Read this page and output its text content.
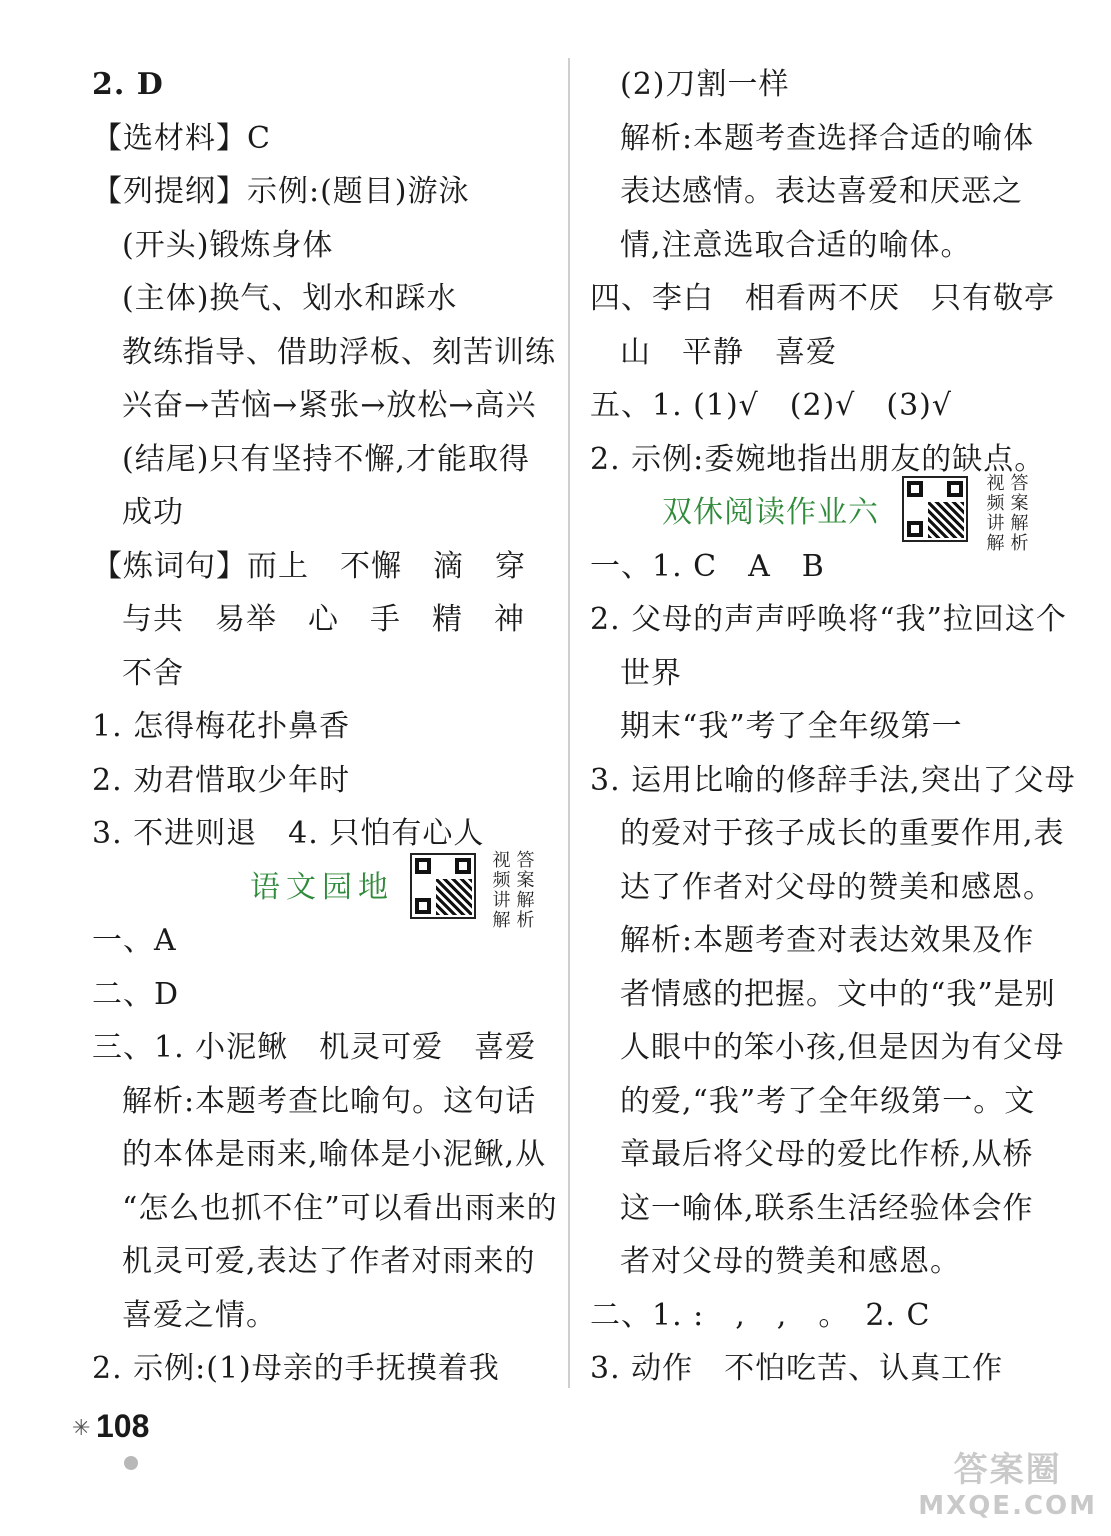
2. D
【选材料】C
【列提纲】示例:(题目)游泳
(开头)锻炼身体
(主体)换气、划水和踩水
教练指导、借助浮板、刻苦训练
兴奋→苦恼→紧张→放松→高兴
(结尾)只有坚持不懈,才能取得
成功
【炼词句】而上　不懈　滴　穿
与共　易举　心　手　精　神
不舍
1. 怎得梅花扑鼻香
2. 劝君惜取少年时
3. 不进则退　4. 只怕有心人
语文园地
视 答
频 案
讲 解
解 析
一、A
二、D
三、1. 小泥鳅　机灵可爱　喜爱
解析:本题考查比喻句。这句话
的本体是雨来,喻体是小泥鳅,从
“怎么也抓不住”可以看出雨来的
机灵可爱,表达了作者对雨来的
喜爱之情。
2. 示例:(1)母亲的手抚摸着我
(2)刀割一样
解析:本题考查选择合适的喻体
表达感情。表达喜爱和厌恶之
情,注意选取合适的喻体。
四、李白　相看两不厌　只有敬亭
山　平静　喜爱
五、1. (1)√　(2)√　(3)√
2. 示例:委婉地指出朋友的缺点。
双休阅读作业六
视 答
频 案
讲 解
解 析
一、1. C　A　B
2. 父母的声声呼唤将“我”拉回这个
世界
期末“我”考了全年级第一
3. 运用比喻的修辞手法,突出了父母
的爱对于孩子成长的重要作用,表
达了作者对父母的赞美和感恩。
解析:本题考查对表达效果及作
者情感的把握。文中的“我”是别
人眼中的笨小孩,但是因为有父母
的爱,“我”考了全年级第一。文
章最后将父母的爱比作桥,从桥
这一喻体,联系生活经验体会作
者对父母的赞美和感恩。
二、1. :　,　,　。　2. C
3. 动作　不怕吃苦、认真工作
✳ 108
答案圈
MXQE.COM
